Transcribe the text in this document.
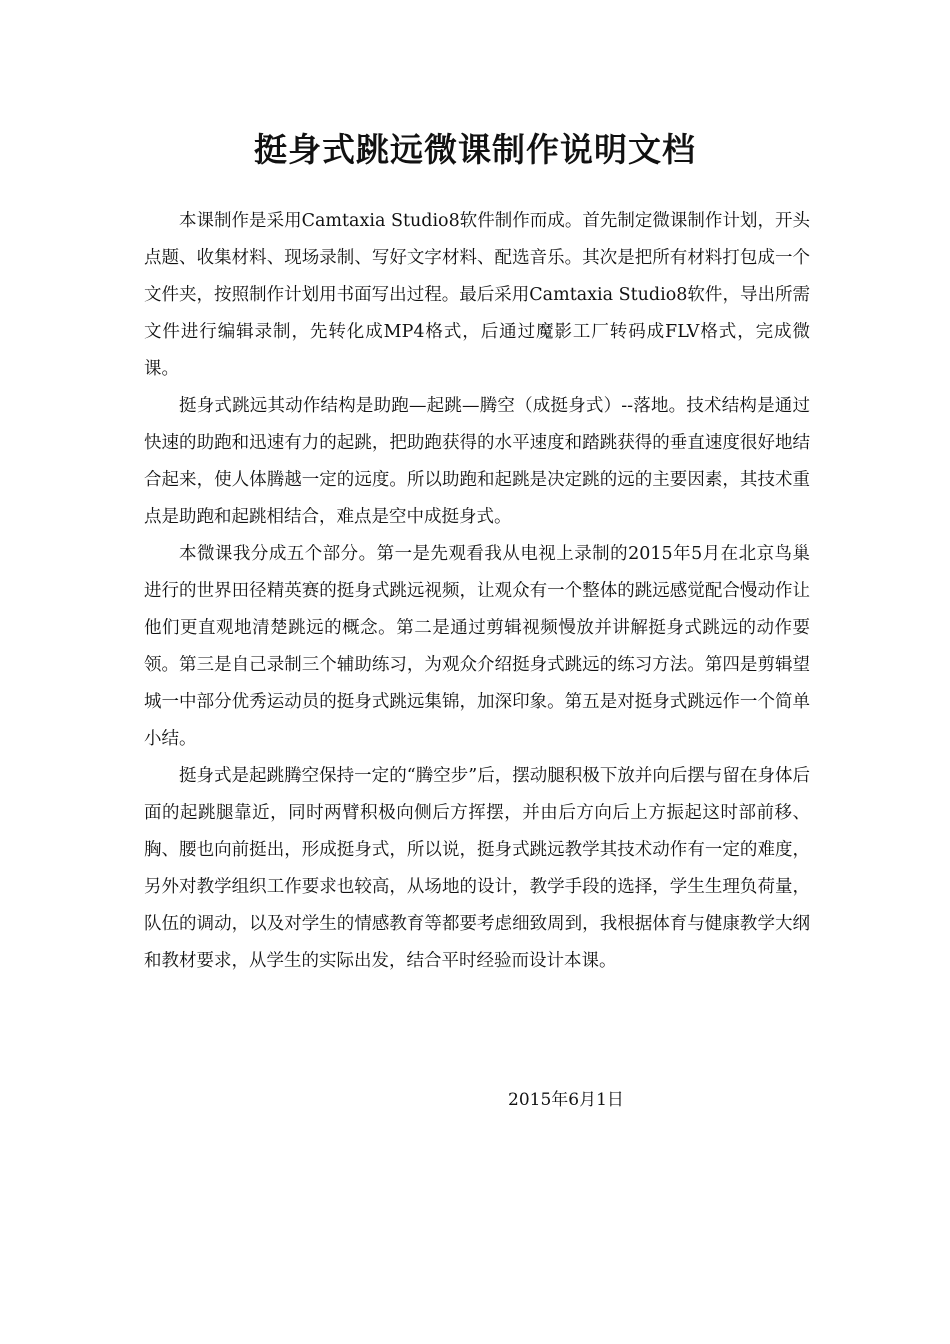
挺身式跳远微课制作说明文档

本课制作是采用Camtaxia Studio8软件制作而成。首先制定微课制作计划，开头点题、收集材料、现场录制、写好文字材料、配选音乐。其次是把所有材料打包成一个文件夹，按照制作计划用书面写出过程。最后采用Camtaxia Studio8软件，导出所需文件进行编辑录制，先转化成MP4格式，后通过魔影工厂转码成FLV格式，完成微课。

挺身式跳远其动作结构是助跑—起跳—腾空（成挺身式）--落地。技术结构是通过快速的助跑和迅速有力的起跳，把助跑获得的水平速度和踏跳获得的垂直速度很好地结合起来，使人体腾越一定的远度。所以助跑和起跳是决定跳的远的主要因素，其技术重点是助跑和起跳相结合，难点是空中成挺身式。

本微课我分成五个部分。第一是先观看我从电视上录制的2015年5月在北京鸟巢进行的世界田径精英赛的挺身式跳远视频，让观众有一个整体的跳远感觉配合慢动作让他们更直观地清楚跳远的概念。第二是通过剪辑视频慢放并讲解挺身式跳远的动作要领。第三是自己录制三个辅助练习，为观众介绍挺身式跳远的练习方法。第四是剪辑望城一中部分优秀运动员的挺身式跳远集锦，加深印象。第五是对挺身式跳远作一个简单小结。

挺身式是起跳腾空保持一定的“腾空步”后，摆动腿积极下放并向后摆与留在身体后面的起跳腿靠近，同时两臂积极向侧后方挥摆，并由后方向后上方振起这时部前移、胸、腰也向前挺出，形成挺身式，所以说，挺身式跳远教学其技术动作有一定的难度，另外对教学组织工作要求也较高，从场地的设计，教学手段的选择，学生生理负荷量，队伍的调动，以及对学生的情感教育等都要考虑细致周到，我根据体育与健康教学大纲和教材要求，从学生的实际出发，结合平时经验而设计本课。

2015年6月1日
